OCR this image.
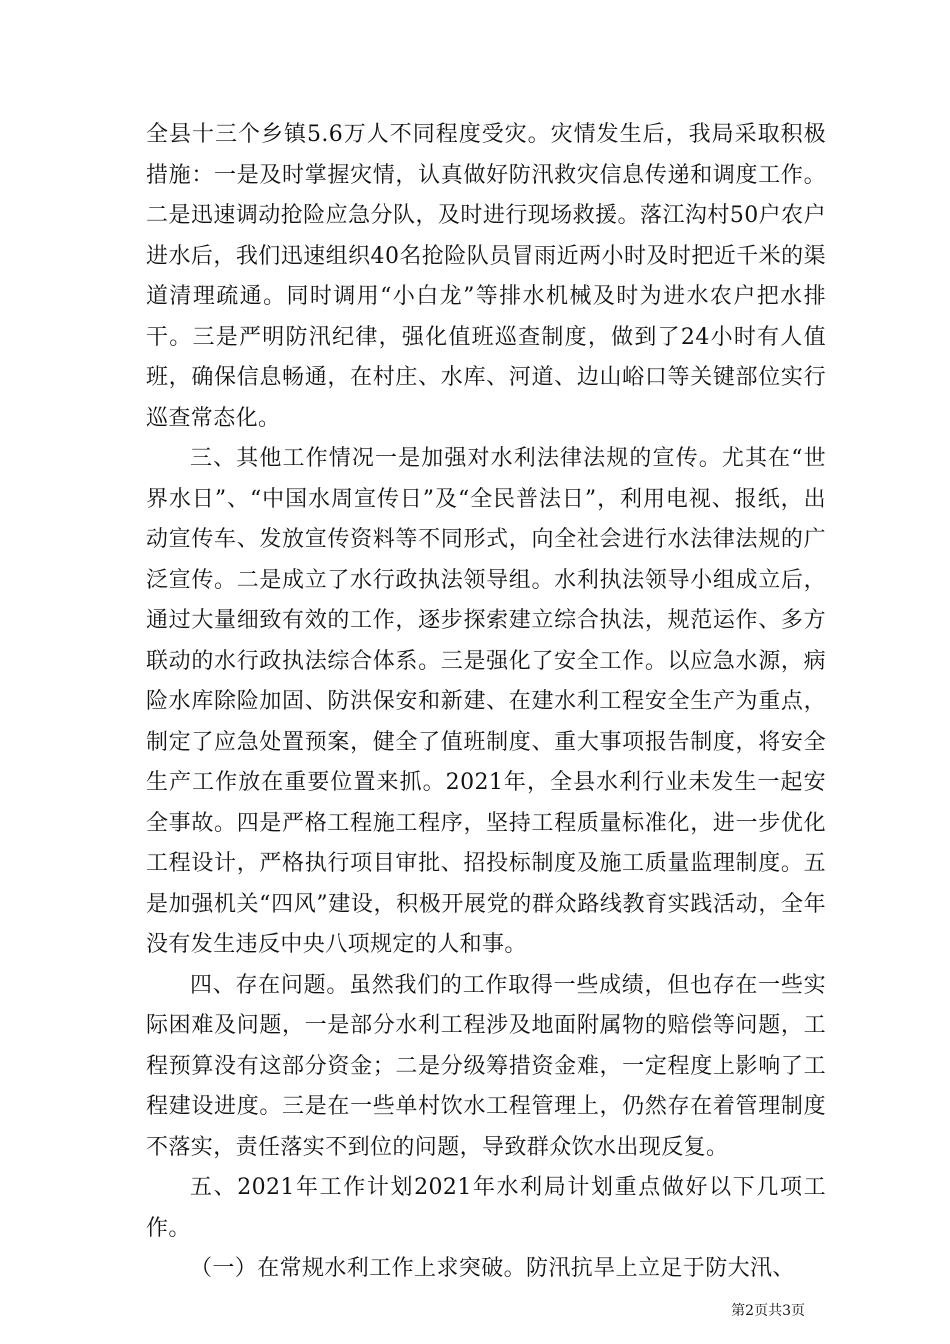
全县十三个乡镇5.6万人不同程度受灾。灾情发生后，我局采取积极措施：一是及时掌握灾情，认真做好防汛救灾信息传递和调度工作。二是迅速调动抢险应急分队，及时进行现场救援。落江沟村50户农户进水后，我们迅速组织40名抢险队员冒雨近两小时及时把近千米的渠道清理疏通。同时调用“小白龙”等排水机械及时为进水农户把水排干。三是严明防汛纪律，强化值班巡查制度，做到了24小时有人值班，确保信息畅通，在村庄、水库、河道、边山峪口等关键部位实行巡查常态化。

三、其他工作情况一是加强对水利法律法规的宣传。尤其在“世界水日”、“中国水周宣传日”及“全民普法日”，利用电视、报纸，出动宣传车、发放宣传资料等不同形式，向全社会进行水法律法规的广泛宣传。二是成立了水行政执法领导组。水利执法领导小组成立后，通过大量细致有效的工作，逐步探索建立综合执法，规范运作、多方联动的水行政执法综合体系。三是强化了安全工作。以应急水源，病险水库除险加固、防洪保安和新建、在建水利工程安全生产为重点，制定了应急处置预案，健全了值班制度、重大事项报告制度，将安全生产工作放在重要位置来抓。2021年，全县水利行业未发生一起安全事故。四是严格工程施工程序，坚持工程质量标准化，进一步优化工程设计，严格执行项目审批、招投标制度及施工质量监理制度。五是加强机关“四风”建设，积极开展党的群众路线教育实践活动，全年没有发生违反中央八项规定的人和事。

四、存在问题。虽然我们的工作取得一些成绩，但也存在一些实际困难及问题，一是部分水利工程涉及地面附属物的赔偿等问题，工程预算没有这部分资金；二是分级筹措资金难，一定程度上影响了工程建设进度。三是在一些单村饮水工程管理上，仍然存在着管理制度不落实，责任落实不到位的问题，导致群众饮水出现反复。

五、2021年工作计划2021年水利局计划重点做好以下几项工作。

（一）在常规水利工作上求突破。防汛抗旱上立足于防大汛、

第2页共3页
